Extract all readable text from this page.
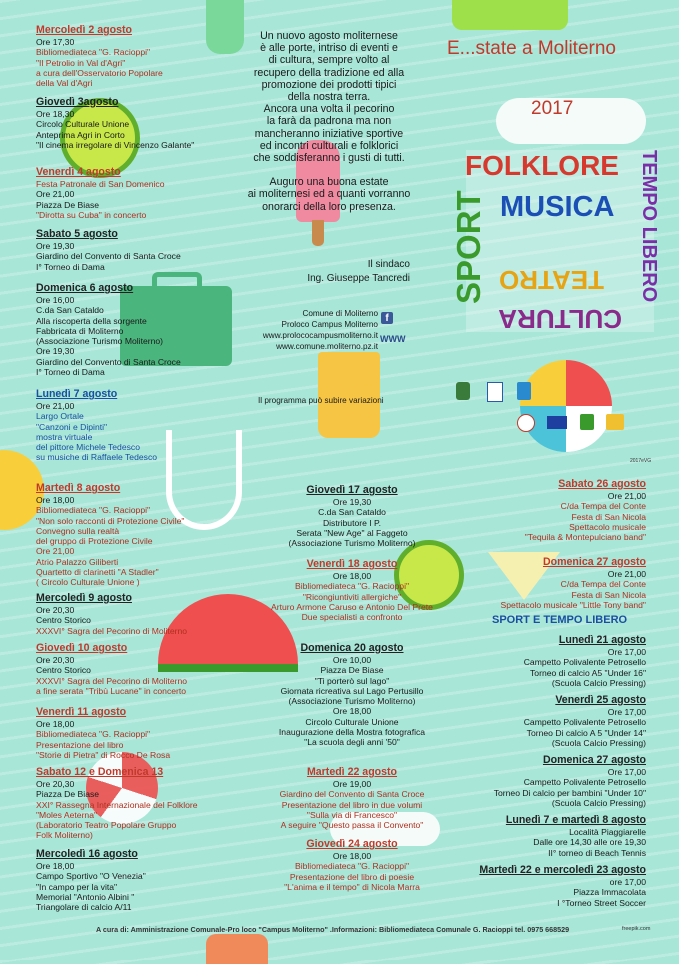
E...state a Moliterno
2017
FOLKLORE
MUSICA
SPORT	TEMPO LIBERO
TEATRO
CULTURA
Un nuovo agosto moliternese
è alle porte, intriso di eventi e
di cultura, sempre volto al
recupero della tradizione ed alla
promozione dei prodotti tipici
della nostra terra.
Ancora una volta il pecorino
la farà da padrona ma non
mancheranno iniziative sportive
ed incontri culturali e folklorici
che soddisferanno i gusti di tutti.
Auguro una buona estate
ai moliternesi ed a quanti vorranno
onorarci della loro presenza.
Il sindaco
Ing. Giuseppe Tancredi
Comune di Moliterno
Proloco Campus Moliterno
www.prolococampusmoliterno.it
www.comune.moliterno.pz.it
f
WWW
Il programma può subire variazioni
2017eVG
Mercoledì 2 agosto
Ore 17,30
Bibliomediateca "G. Racioppi"
"Il Petrolio in Val d'Agri"
a cura dell'Osservatorio Popolare
della Val d'Agri
Giovedì 3agosto
Ore 18,30
Circolo Culturale Unione
Anteprima Agri in Corto
"Il cinema irregolare di Vincenzo Galante"
Venerdì 4 agosto
Festa Patronale di San Domenico
Ore 21,00
Piazza De Biase
"Dirotta su Cuba" in concerto
Sabato 5 agosto
Ore 19,30
Giardino del Convento di Santa Croce
I° Torneo di Dama
Domenica 6 agosto
Ore 16,00
C.da San Cataldo
Alla riscoperta della sorgente
Fabbricata di Moliterno
(Associazione Turismo Moliterno)
Ore 19,30
Giardino del Convento di Santa Croce
I° Torneo di Dama
Lunedì 7 agosto
Ore 21,00
Largo Ortale
"Canzoni e Dipinti"
mostra virtuale
del pittore Michele Tedesco
su musiche di Raffaele Tedesco
Martedì 8 agosto
Ore 18,00
Bibliomediateca "G. Racioppi"
"Non solo racconti di Protezione Civile"
Convegno sulla realtà
del gruppo di Protezione Civile
Ore 21,00
Atrio Palazzo Giliberti
Quartetto di clarinetti "A Stadler"
( Circolo Culturale Unione )
Mercoledì 9 agosto
Ore 20,30
Centro Storico
XXXVI° Sagra del Pecorino di Moliterno
Giovedì 10 agosto
Ore 20,30
Centro Storico
XXXVI° Sagra del Pecorino di Moliterno
a fine serata "Tribù Lucane" in concerto
Venerdì 11 agosto
Ore 18,00
Bibliomediateca "G. Racioppi"
Presentazione del libro
"Storie di Pietra" di Rocco De Rosa
Sabato 12 e Domenica 13
Ore 20,30
Piazza De Biase
XXI° Rassegna Internazionale del Folklore
"Moles Aeterna"
(Laboratorio Teatro Popolare Gruppo
Folk Moliterno)
Mercoledì 16 agosto
Ore 18,00
Campo Sportivo "O Venezia"
"In campo per la vita"
Memorial "Antonio Albini "
Triangolare di calcio A/11
Giovedì 17 agosto
Ore 19,30
C.da San Cataldo
Distributore I P.
Serata "New Age" al Faggeto
(Associazione Turismo Moliterno)
Venerdì 18 agosto
Ore 18,00
Bibliomediateca "G. Racioppi"
"Ricongiuntiviti allergiche"
Arturo Armone Caruso e Antonio Del Prete
Due specialisti a confronto
Domenica 20 agosto
Ore 10,00
Piazza De Biase
"Ti porterò sul lago"
Giornata ricreativa sul Lago Pertusillo
(Associazione Turismo Moliterno)
Ore 18,00
Circolo Culturale Unione
Inaugurazione della Mostra fotografica
"La scuola degli anni '50"
Martedì 22 agosto
Ore 19,00
Giardino del Convento di Santa Croce
Presentazione del libro in due volumi
"Sulla via di Francesco"
A seguire "Questo passa il Convento"
Giovedì 24 agosto
Ore 18,00
Bibliomediateca "G. Racioppi"
Presentazione del libro di poesie
"L'anima e il tempo" di Nicola Marra
Sabato 26 agosto
Ore 21,00
C/da Tempa del Conte
Festa di San Nicola
Spettacolo musicale
"Tequila & Montepulciano band"
Domenica 27 agosto
Ore 21,00
C/da Tempa del Conte
Festa di San Nicola
Spettacolo musicale "Little Tony band"
SPORT E TEMPO LIBERO
Lunedì 21 agosto
Ore 17,00
Campetto Polivalente Petrosello
Torneo di calcio A5 "Under 16"
(Scuola Calcio Pressing)
Venerdì 25 agosto
Ore 17,00
Campetto Polivalente Petrosello
Torneo Di calcio A 5 "Under 14"
(Scuola Calcio Pressing)
Domenica 27 agosto
Ore 17,00
Campetto Polivalente Petrosello
Torneo Di calcio per bambini "Under 10"
(Scuola Calcio Pressing)
Lunedì 7 e martedì 8 agosto
Località Piaggiarelle
Dalle ore 14,30 alle ore 19,30
II° torneo di Beach Tennis
Martedì 22 e mercoledì 23 agosto
ore 17,00
Piazza Immacolata
I °Torneo Street Soccer
A cura di: Amministrazione Comunale-Pro loco "Campus Moliterno" .Informazioni: Bibliomediateca Comunale G. Racioppi tel. 0975 668529	freepik.com
